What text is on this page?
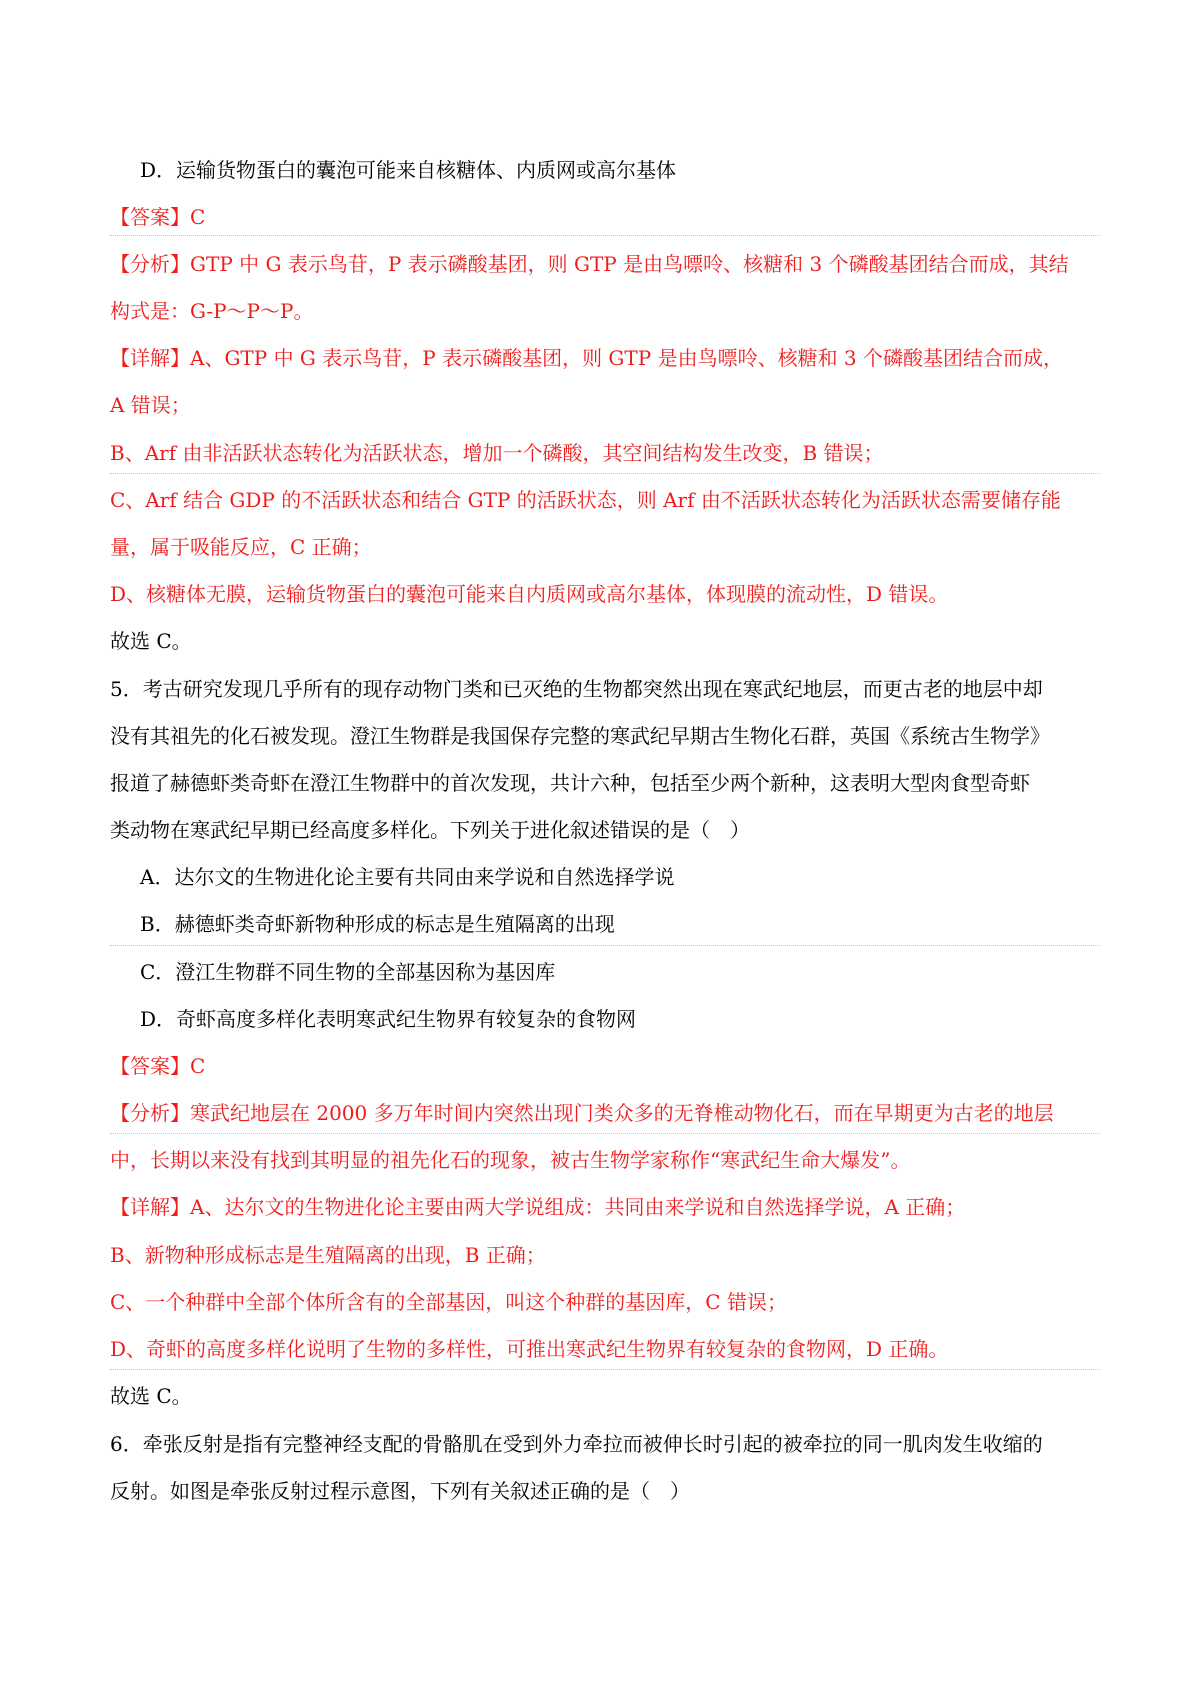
D．运输货物蛋白的囊泡可能来自核糖体、内质网或高尔基体
【答案】C
【分析】GTP 中 G 表示鸟苷，P 表示磷酸基团，则 GTP 是由鸟嘌呤、核糖和 3 个磷酸基团结合而成，其结
构式是：G-P～P～P。
【详解】A、GTP 中 G 表示鸟苷，P 表示磷酸基团，则 GTP 是由鸟嘌呤、核糖和 3 个磷酸基团结合而成，
A 错误；
B、Arf 由非活跃状态转化为活跃状态，增加一个磷酸，其空间结构发生改变，B 错误；
C、Arf 结合 GDP 的不活跃状态和结合 GTP 的活跃状态，则 Arf 由不活跃状态转化为活跃状态需要储存能
量，属于吸能反应，C 正确；
D、核糖体无膜，运输货物蛋白的囊泡可能来自内质网或高尔基体，体现膜的流动性，D 错误。
故选 C。
5．考古研究发现几乎所有的现存动物门类和已灭绝的生物都突然出现在寒武纪地层，而更古老的地层中却
没有其祖先的化石被发现。澄江生物群是我国保存完整的寒武纪早期古生物化石群，英国《系统古生物学》
报道了赫德虾类奇虾在澄江生物群中的首次发现，共计六种，包括至少两个新种，这表明大型肉食型奇虾
类动物在寒武纪早期已经高度多样化。下列关于进化叙述错误的是（　）
A．达尔文的生物进化论主要有共同由来学说和自然选择学说
B．赫德虾类奇虾新物种形成的标志是生殖隔离的出现
C．澄江生物群不同生物的全部基因称为基因库
D．奇虾高度多样化表明寒武纪生物界有较复杂的食物网
【答案】C
【分析】寒武纪地层在 2000 多万年时间内突然出现门类众多的无脊椎动物化石，而在早期更为古老的地层
中，长期以来没有找到其明显的祖先化石的现象，被古生物学家称作“寒武纪生命大爆发”。
【详解】A、达尔文的生物进化论主要由两大学说组成：共同由来学说和自然选择学说，A 正确；
B、新物种形成标志是生殖隔离的出现，B 正确；
C、一个种群中全部个体所含有的全部基因，叫这个种群的基因库，C 错误；
D、奇虾的高度多样化说明了生物的多样性，可推出寒武纪生物界有较复杂的食物网，D 正确。
故选 C。
6．牵张反射是指有完整神经支配的骨骼肌在受到外力牵拉而被伸长时引起的被牵拉的同一肌肉发生收缩的
反射。如图是牵张反射过程示意图，下列有关叙述正确的是（　）
